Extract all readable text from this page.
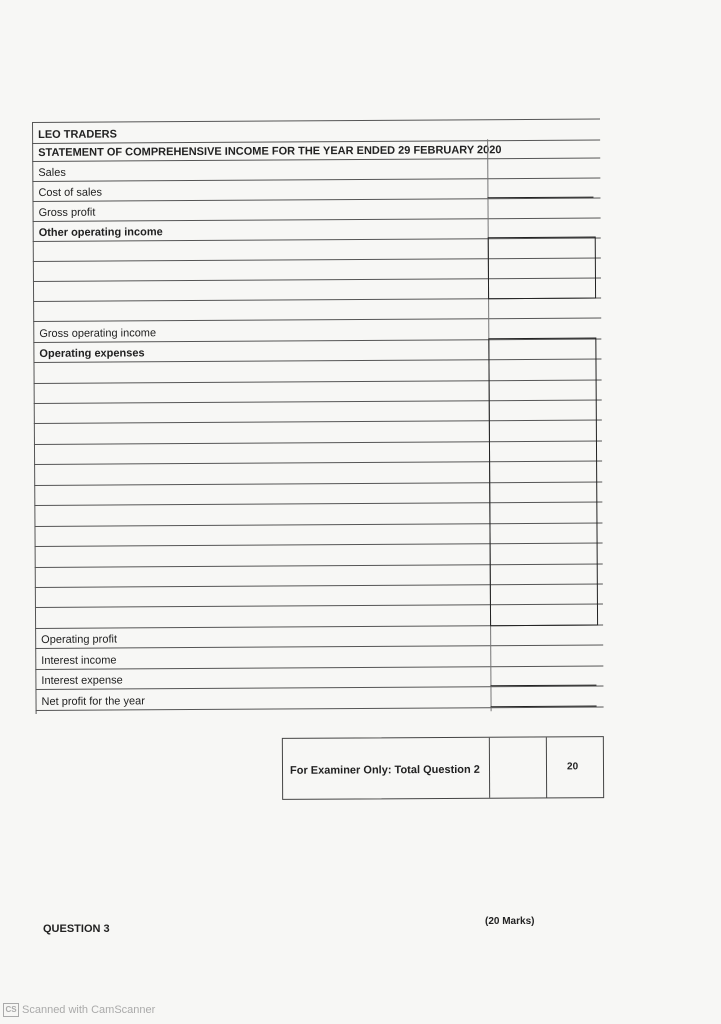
LEO TRADERS
STATEMENT OF COMPREHENSIVE INCOME FOR THE YEAR ENDED 29 FEBRUARY 2020
Sales
Cost of sales
Gross profit
Other operating income
Gross operating income
Operating expenses
Operating profit
Interest income
Interest expense
Net profit for the year
For Examiner Only: Total Question 2	20
QUESTION 3
(20 Marks)
CS Scanned with CamScanner
